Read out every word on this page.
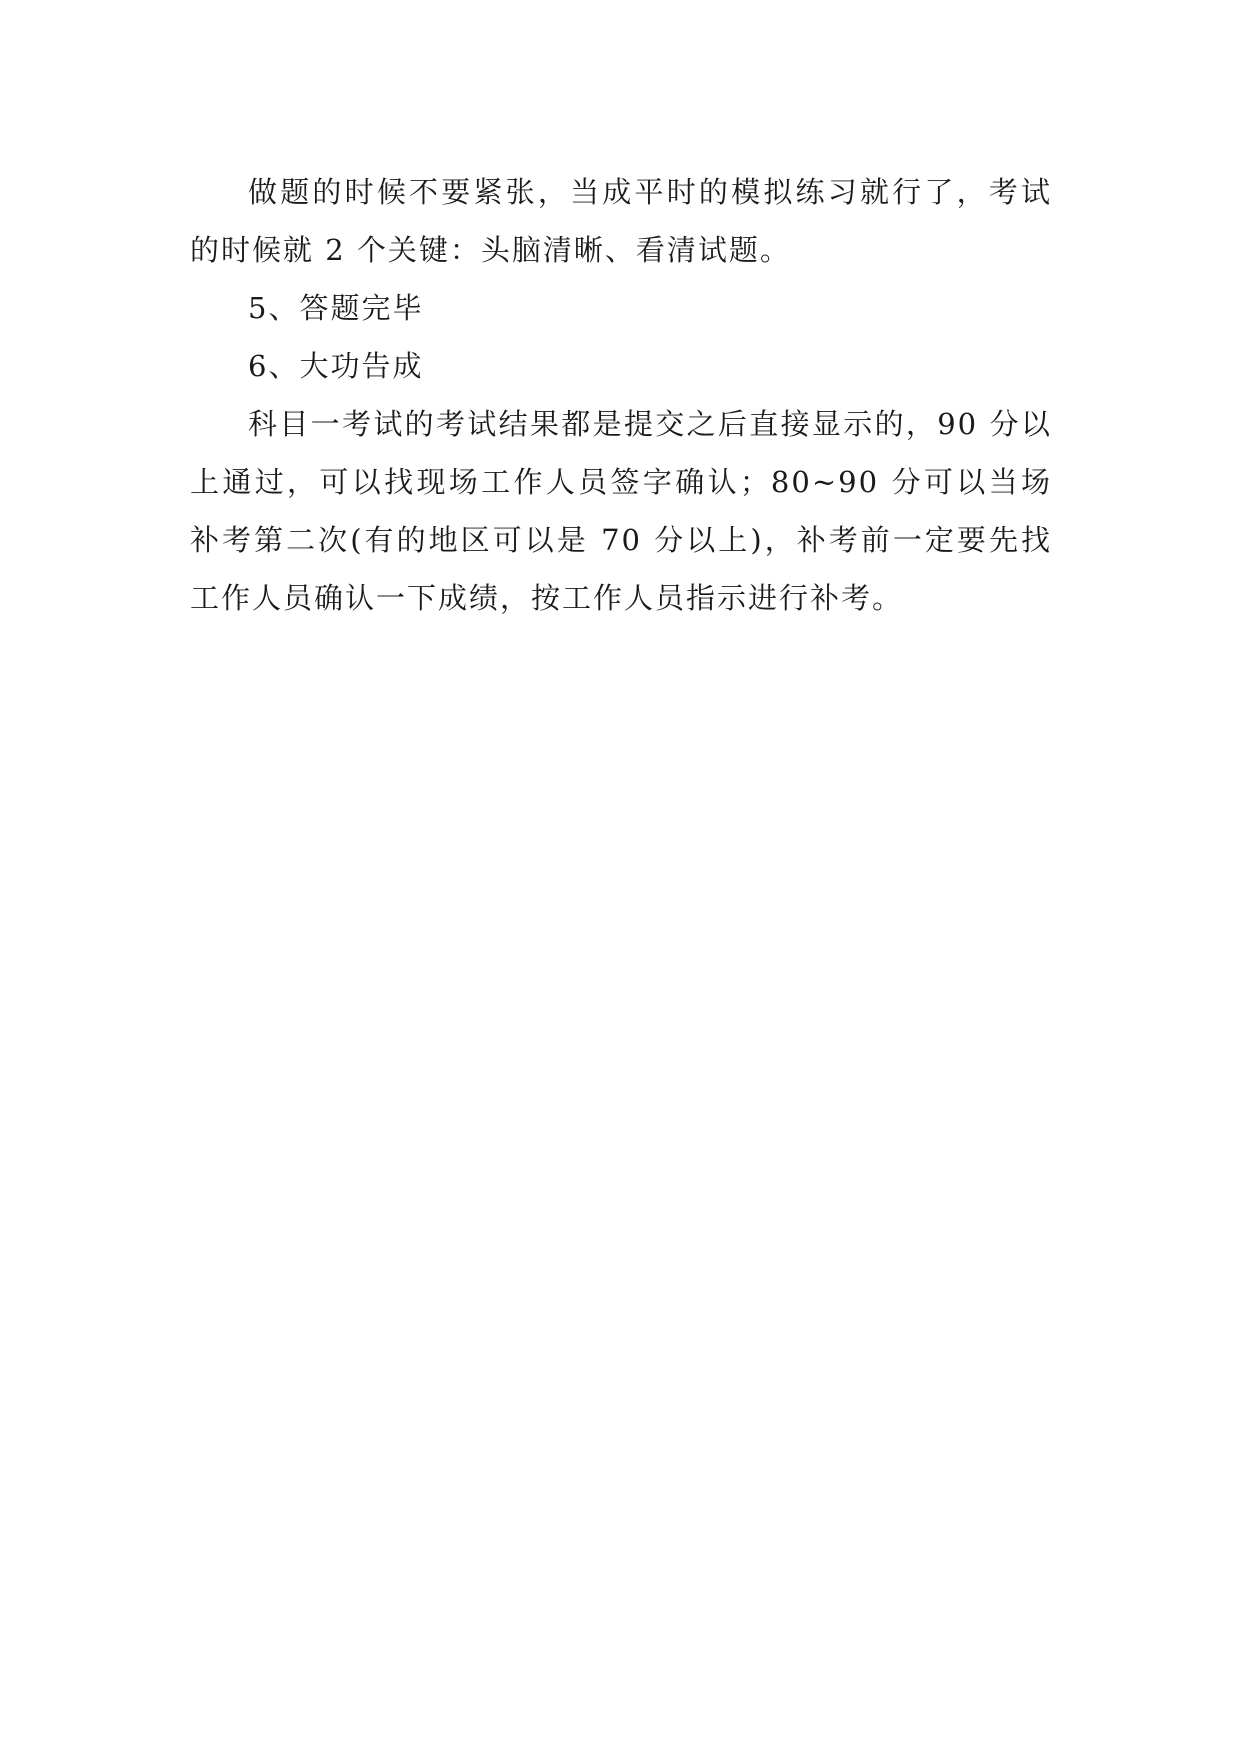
做题的时候不要紧张，当成平时的模拟练习就行了，考试的时候就 2 个关键：头脑清晰、看清试题。

5、答题完毕

6、大功告成

科目一考试的考试结果都是提交之后直接显示的，90 分以上通过，可以找现场工作人员签字确认；80~90 分可以当场补考第二次(有的地区可以是 70 分以上)，补考前一定要先找工作人员确认一下成绩，按工作人员指示进行补考。
